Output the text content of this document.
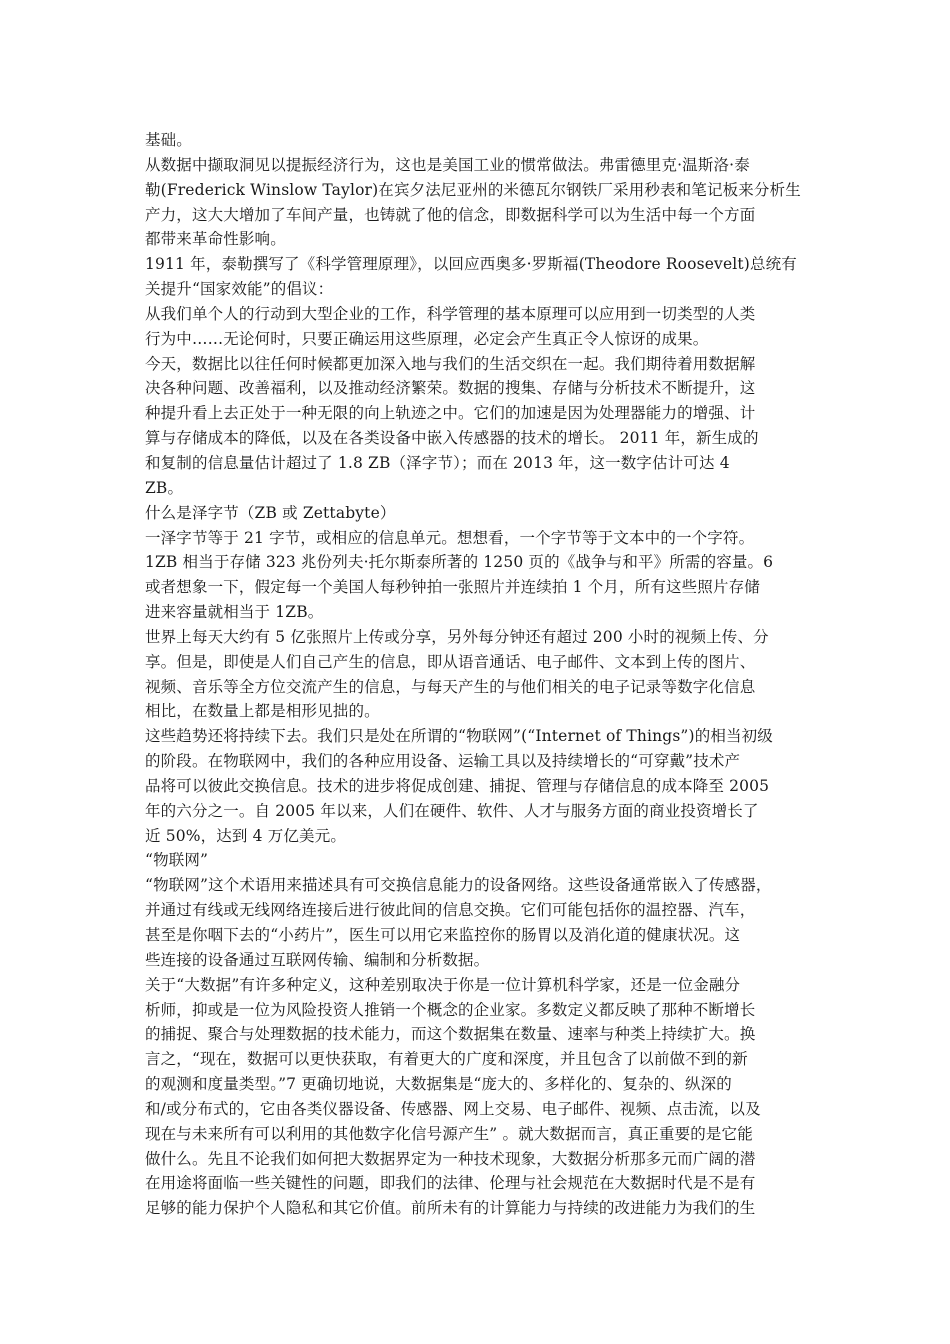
基础。

从数据中撷取洞见以提振经济行为，这也是美国工业的惯常做法。弗雷德里克·温斯洛·泰
勒(Frederick Winslow Taylor)在宾夕法尼亚州的米德瓦尔钢铁厂采用秒表和笔记板来分析生
产力，这大大增加了车间产量，也铸就了他的信念，即数据科学可以为生活中每一个方面
都带来革命性影响。

1911 年，泰勒撰写了《科学管理原理》，以回应西奥多·罗斯福(Theodore Roosevelt)总统有
关提升“国家效能”的倡议：

从我们单个人的行动到大型企业的工作，科学管理的基本原理可以应用到一切类型的人类
行为中……无论何时，只要正确运用这些原理，必定会产生真正令人惊讶的成果。

今天，数据比以往任何时候都更加深入地与我们的生活交织在一起。我们期待着用数据解
决各种问题、改善福利，以及推动经济繁荣。数据的搜集、存储与分析技术不断提升，这
种提升看上去正处于一种无限的向上轨迹之中。它们的加速是因为处理器能力的增强、计
算与存储成本的降低，以及在各类设备中嵌入传感器的技术的增长。 2011 年，新生成的
和复制的信息量估计超过了 1.8 ZB（泽字节）；而在 2013 年，这一数字估计可达 4
ZB。

什么是泽字节（ZB 或 Zettabyte）

一泽字节等于 21 字节，或相应的信息单元。想想看，一个字节等于文本中的一个字符。
1ZB 相当于存储 323 兆份列夫·托尔斯泰所著的 1250 页的《战争与和平》所需的容量。6
或者想象一下，假定每一个美国人每秒钟拍一张照片并连续拍 1 个月，所有这些照片存储
进来容量就相当于 1ZB。

世界上每天大约有 5 亿张照片上传或分享，另外每分钟还有超过 200 小时的视频上传、分
享。但是，即使是人们自己产生的信息，即从语音通话、电子邮件、文本到上传的图片、
视频、音乐等全方位交流产生的信息，与每天产生的与他们相关的电子记录等数字化信息
相比，在数量上都是相形见拙的。

这些趋势还将持续下去。我们只是处在所谓的“物联网”(“Internet of Things”)的相当初级
的阶段。在物联网中，我们的各种应用设备、运输工具以及持续增长的“可穿戴”技术产
品将可以彼此交换信息。技术的进步将促成创建、捕捉、管理与存储信息的成本降至 2005
年的六分之一。自 2005 年以来，人们在硬件、软件、人才与服务方面的商业投资增长了
近 50%，达到 4 万亿美元。

“物联网”

“物联网”这个术语用来描述具有可交换信息能力的设备网络。这些设备通常嵌入了传感器，
并通过有线或无线网络连接后进行彼此间的信息交换。它们可能包括你的温控器、汽车，
甚至是你咽下去的“小药片”，医生可以用它来监控你的肠胃以及消化道的健康状况。这
些连接的设备通过互联网传输、编制和分析数据。

关于“大数据”有许多种定义，这种差别取决于你是一位计算机科学家，还是一位金融分
析师，抑或是一位为风险投资人推销一个概念的企业家。多数定义都反映了那种不断增长
的捕捉、聚合与处理数据的技术能力，而这个数据集在数量、速率与种类上持续扩大。换
言之，“现在，数据可以更快获取，有着更大的广度和深度，并且包含了以前做不到的新
的观测和度量类型。”7 更确切地说，大数据集是“庞大的、多样化的、复杂的、纵深的
和/或分布式的，它由各类仪器设备、传感器、网上交易、电子邮件、视频、点击流，以及
现在与未来所有可以利用的其他数字化信号源产生” 。就大数据而言，真正重要的是它能
做什么。先且不论我们如何把大数据界定为一种技术现象，大数据分析那多元而广阔的潜
在用途将面临一些关键性的问题，即我们的法律、伦理与社会规范在大数据时代是不是有
足够的能力保护个人隐私和其它价值。前所未有的计算能力与持续的改进能力为我们的生
